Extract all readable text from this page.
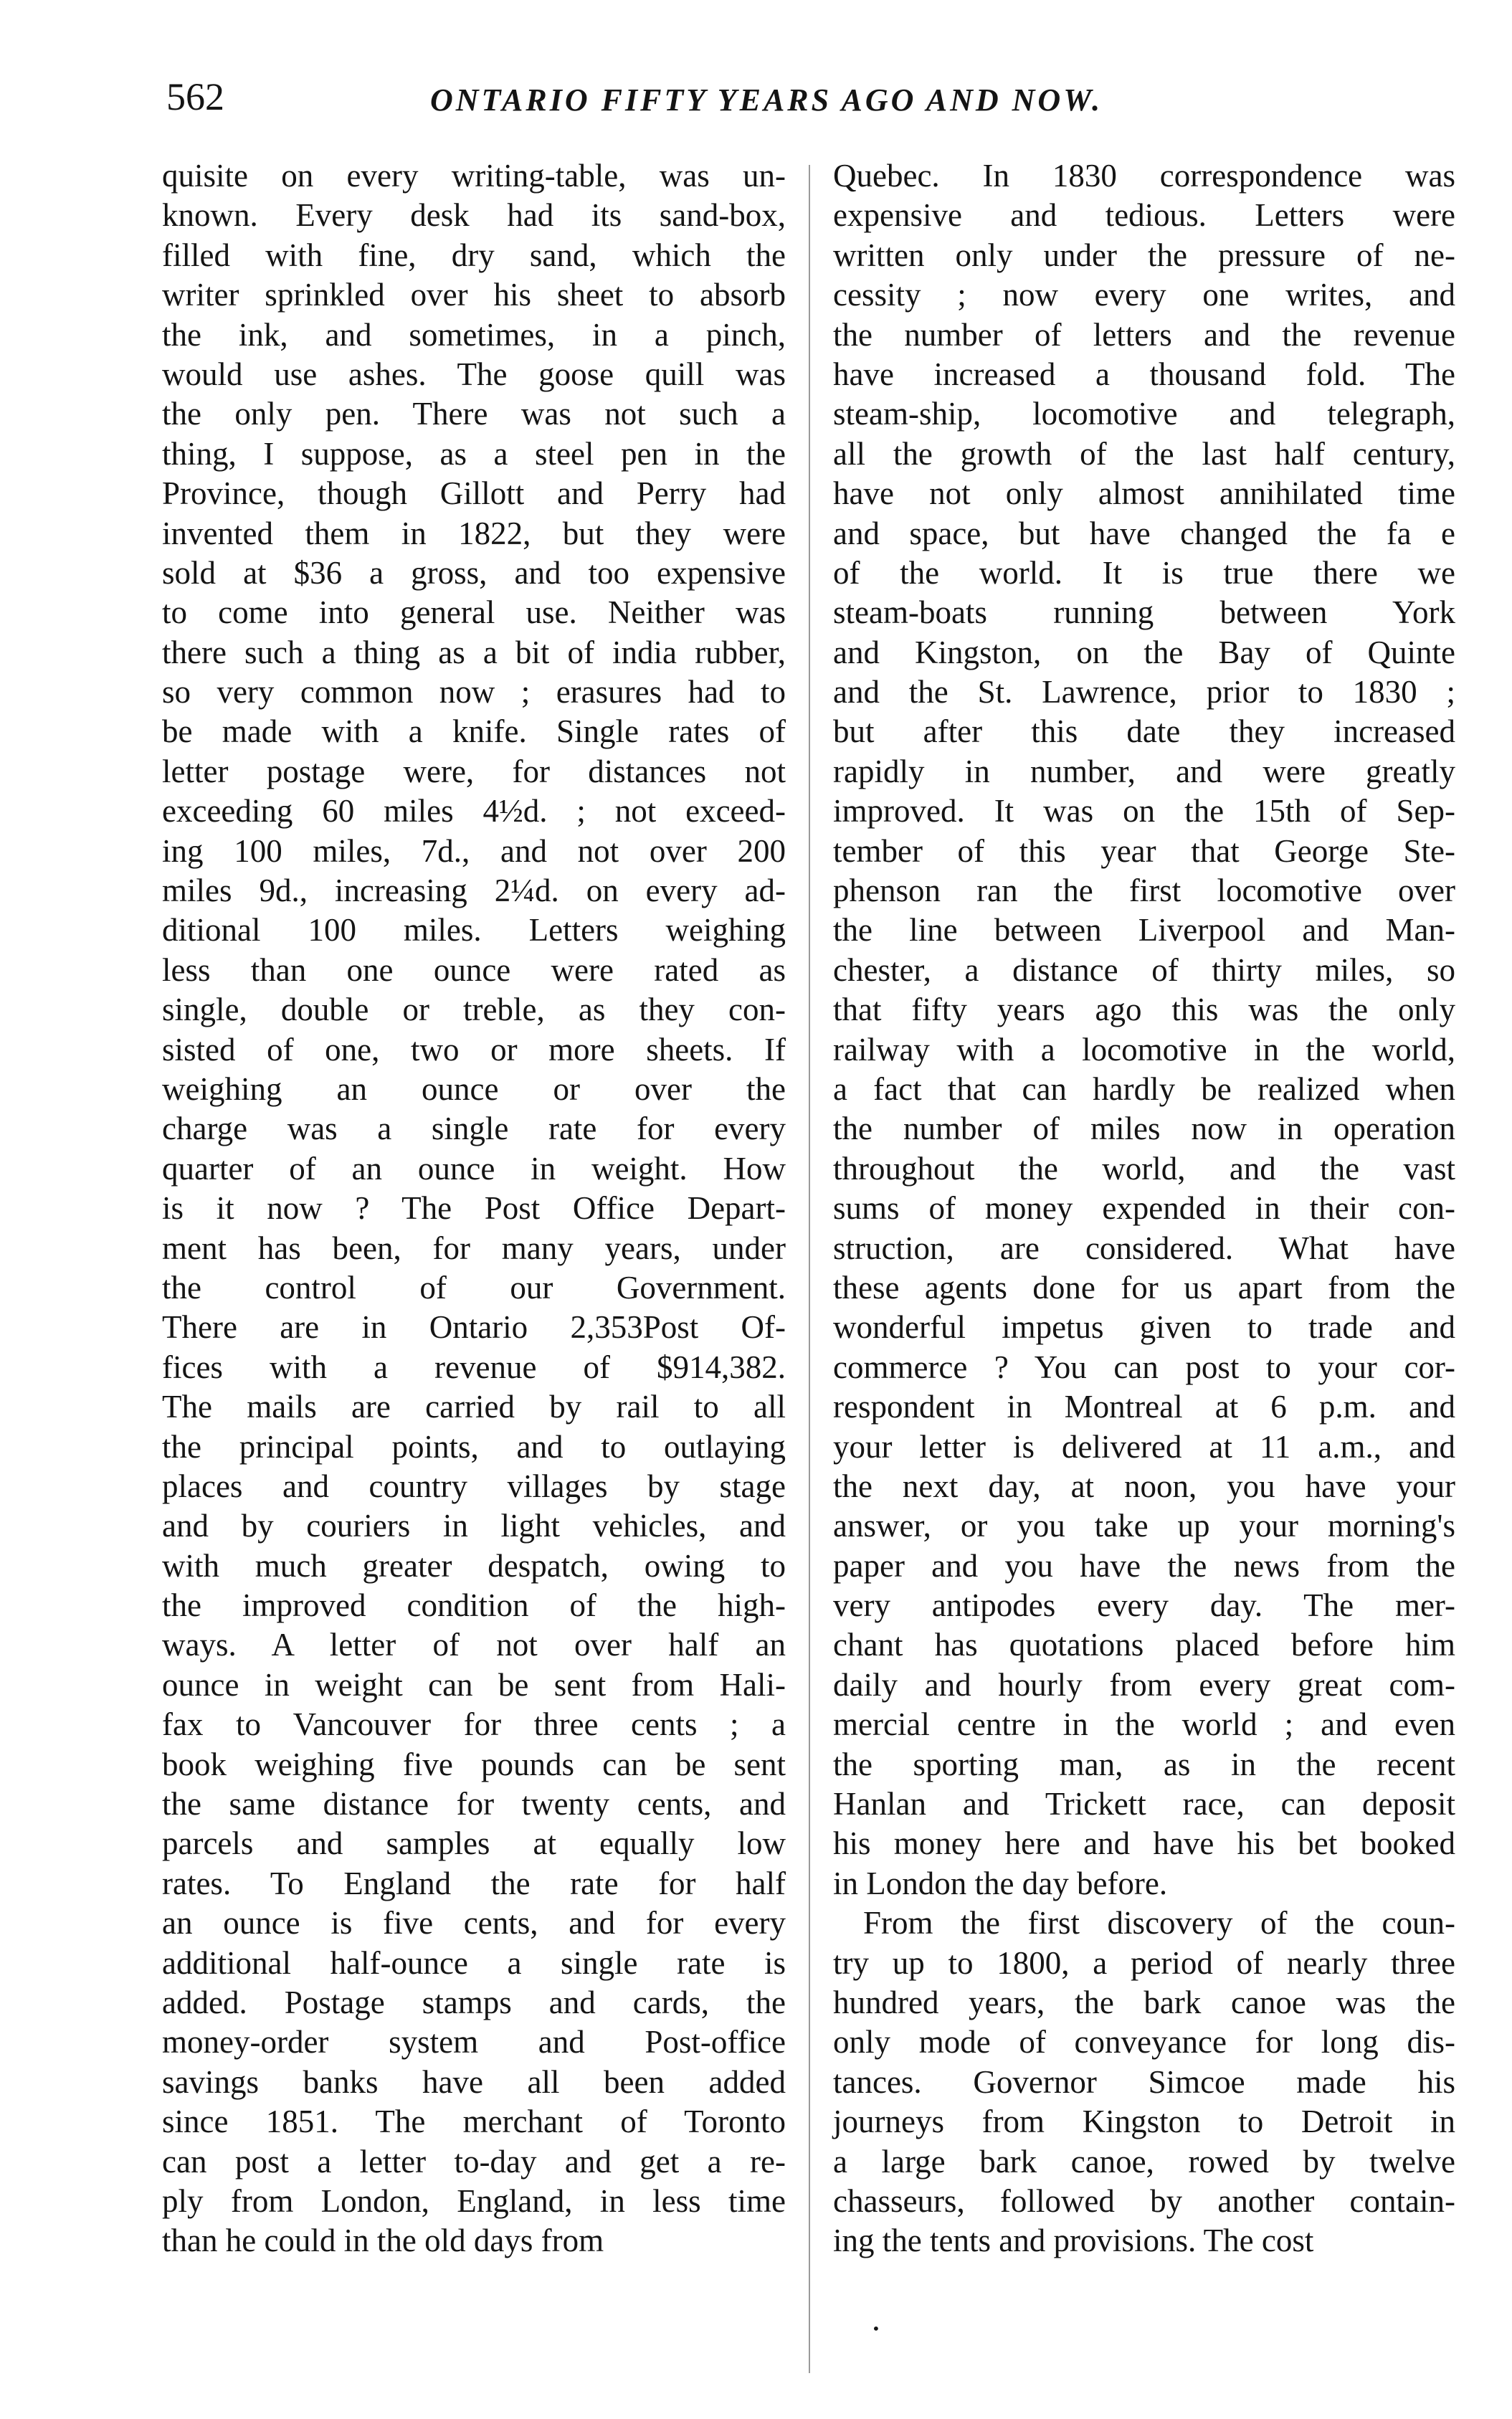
562	ONTARIO FIFTY YEARS AGO AND NOW.
quisite on every writing-table, was un-
known. Every desk had its sand-box,
filled with fine, dry sand, which the
writer sprinkled over his sheet to absorb
the ink, and sometimes, in a pinch,
would use ashes. The goose quill was
the only pen. There was not such a
thing, I suppose, as a steel pen in the
Province, though Gillott and Perry had
invented them in 1822, but they were
sold at $36 a gross, and too expensive
to come into general use. Neither was
there such a thing as a bit of india rubber,
so very common now ; erasures had to
be made with a knife. Single rates of
letter postage were, for distances not
exceeding 60 miles 4½d. ; not exceed-
ing 100 miles, 7d., and not over 200
miles 9d., increasing 2¼d. on every ad-
ditional 100 miles. Letters weighing
less than one ounce were rated as
single, double or treble, as they con-
sisted of one, two or more sheets. If
weighing an ounce or over the
charge was a single rate for every
quarter of an ounce in weight. How
is it now ? The Post Office Depart-
ment has been, for many years, under
the control of our Government.
There are in Ontario 2,353Post Of-
fices with a revenue of $914,382.
The mails are carried by rail to all
the principal points, and to outlaying
places and country villages by stage
and by couriers in light vehicles, and
with much greater despatch, owing to
the improved condition of the high-
ways. A letter of not over half an
ounce in weight can be sent from Hali-
fax to Vancouver for three cents ; a
book weighing five pounds can be sent
the same distance for twenty cents, and
parcels and samples at equally low
rates. To England the rate for half
an ounce is five cents, and for every
additional half-ounce a single rate is
added. Postage stamps and cards, the
money-order system and Post-office
savings banks have all been added
since 1851. The merchant of Toronto
can post a letter to-day and get a re-
ply from London, England, in less time
than he could in the old days from
Quebec. In 1830 correspondence was
expensive and tedious. Letters were
written only under the pressure of ne-
cessity ; now every one writes, and
the number of letters and the revenue
have increased a thousand fold. The
steam-ship, locomotive and telegraph,
all the growth of the last half century,
have not only almost annihilated time
and space, but have changed the fa e
of the world. It is true there we
steam-boats running between York
and Kingston, on the Bay of Quinte
and the St. Lawrence, prior to 1830 ;
but after this date they increased
rapidly in number, and were greatly
improved. It was on the 15th of Sep-
tember of this year that George Ste-
phenson ran the first locomotive over
the line between Liverpool and Man-
chester, a distance of thirty miles, so
that fifty years ago this was the only
railway with a locomotive in the world,
a fact that can hardly be realized when
the number of miles now in operation
throughout the world, and the vast
sums of money expended in their con-
struction, are considered. What have
these agents done for us apart from the
wonderful impetus given to trade and
commerce ? You can post to your cor-
respondent in Montreal at 6 p.m. and
your letter is delivered at 11 a.m., and
the next day, at noon, you have your
answer, or you take up your morning's
paper and you have the news from the
very antipodes every day. The mer-
chant has quotations placed before him
daily and hourly from every great com-
mercial centre in the world ; and even
the sporting man, as in the recent
Hanlan and Trickett race, can deposit
his money here and have his bet booked
in London the day before.
From the first discovery of the coun-
try up to 1800, a period of nearly three
hundred years, the bark canoe was the
only mode of conveyance for long dis-
tances. Governor Simcoe made his
journeys from Kingston to Detroit in
a large bark canoe, rowed by twelve
chasseurs, followed by another contain-
ing the tents and provisions. The cost
•
